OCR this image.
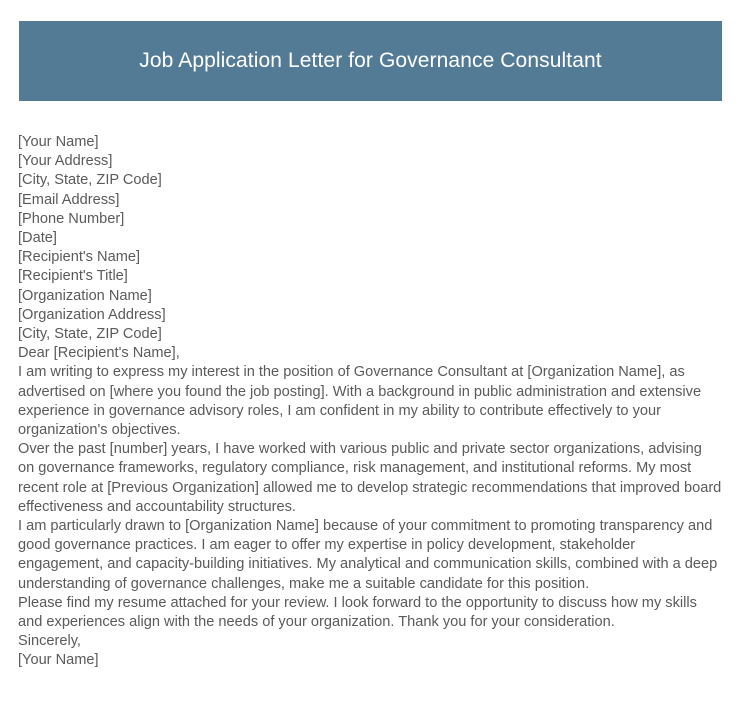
Job Application Letter for Governance Consultant
[Your Name]
[Your Address]
[City, State, ZIP Code]
[Email Address]
[Phone Number]
[Date]
[Recipient's Name]
[Recipient's Title]
[Organization Name]
[Organization Address]
[City, State, ZIP Code]
Dear [Recipient's Name],
I am writing to express my interest in the position of Governance Consultant at [Organization Name], as advertised on [where you found the job posting]. With a background in public administration and extensive experience in governance advisory roles, I am confident in my ability to contribute effectively to your organization's objectives.
Over the past [number] years, I have worked with various public and private sector organizations, advising on governance frameworks, regulatory compliance, risk management, and institutional reforms. My most recent role at [Previous Organization] allowed me to develop strategic recommendations that improved board effectiveness and accountability structures.
I am particularly drawn to [Organization Name] because of your commitment to promoting transparency and good governance practices. I am eager to offer my expertise in policy development, stakeholder engagement, and capacity-building initiatives. My analytical and communication skills, combined with a deep understanding of governance challenges, make me a suitable candidate for this position.
Please find my resume attached for your review. I look forward to the opportunity to discuss how my skills and experiences align with the needs of your organization. Thank you for your consideration.
Sincerely,
[Your Name]
